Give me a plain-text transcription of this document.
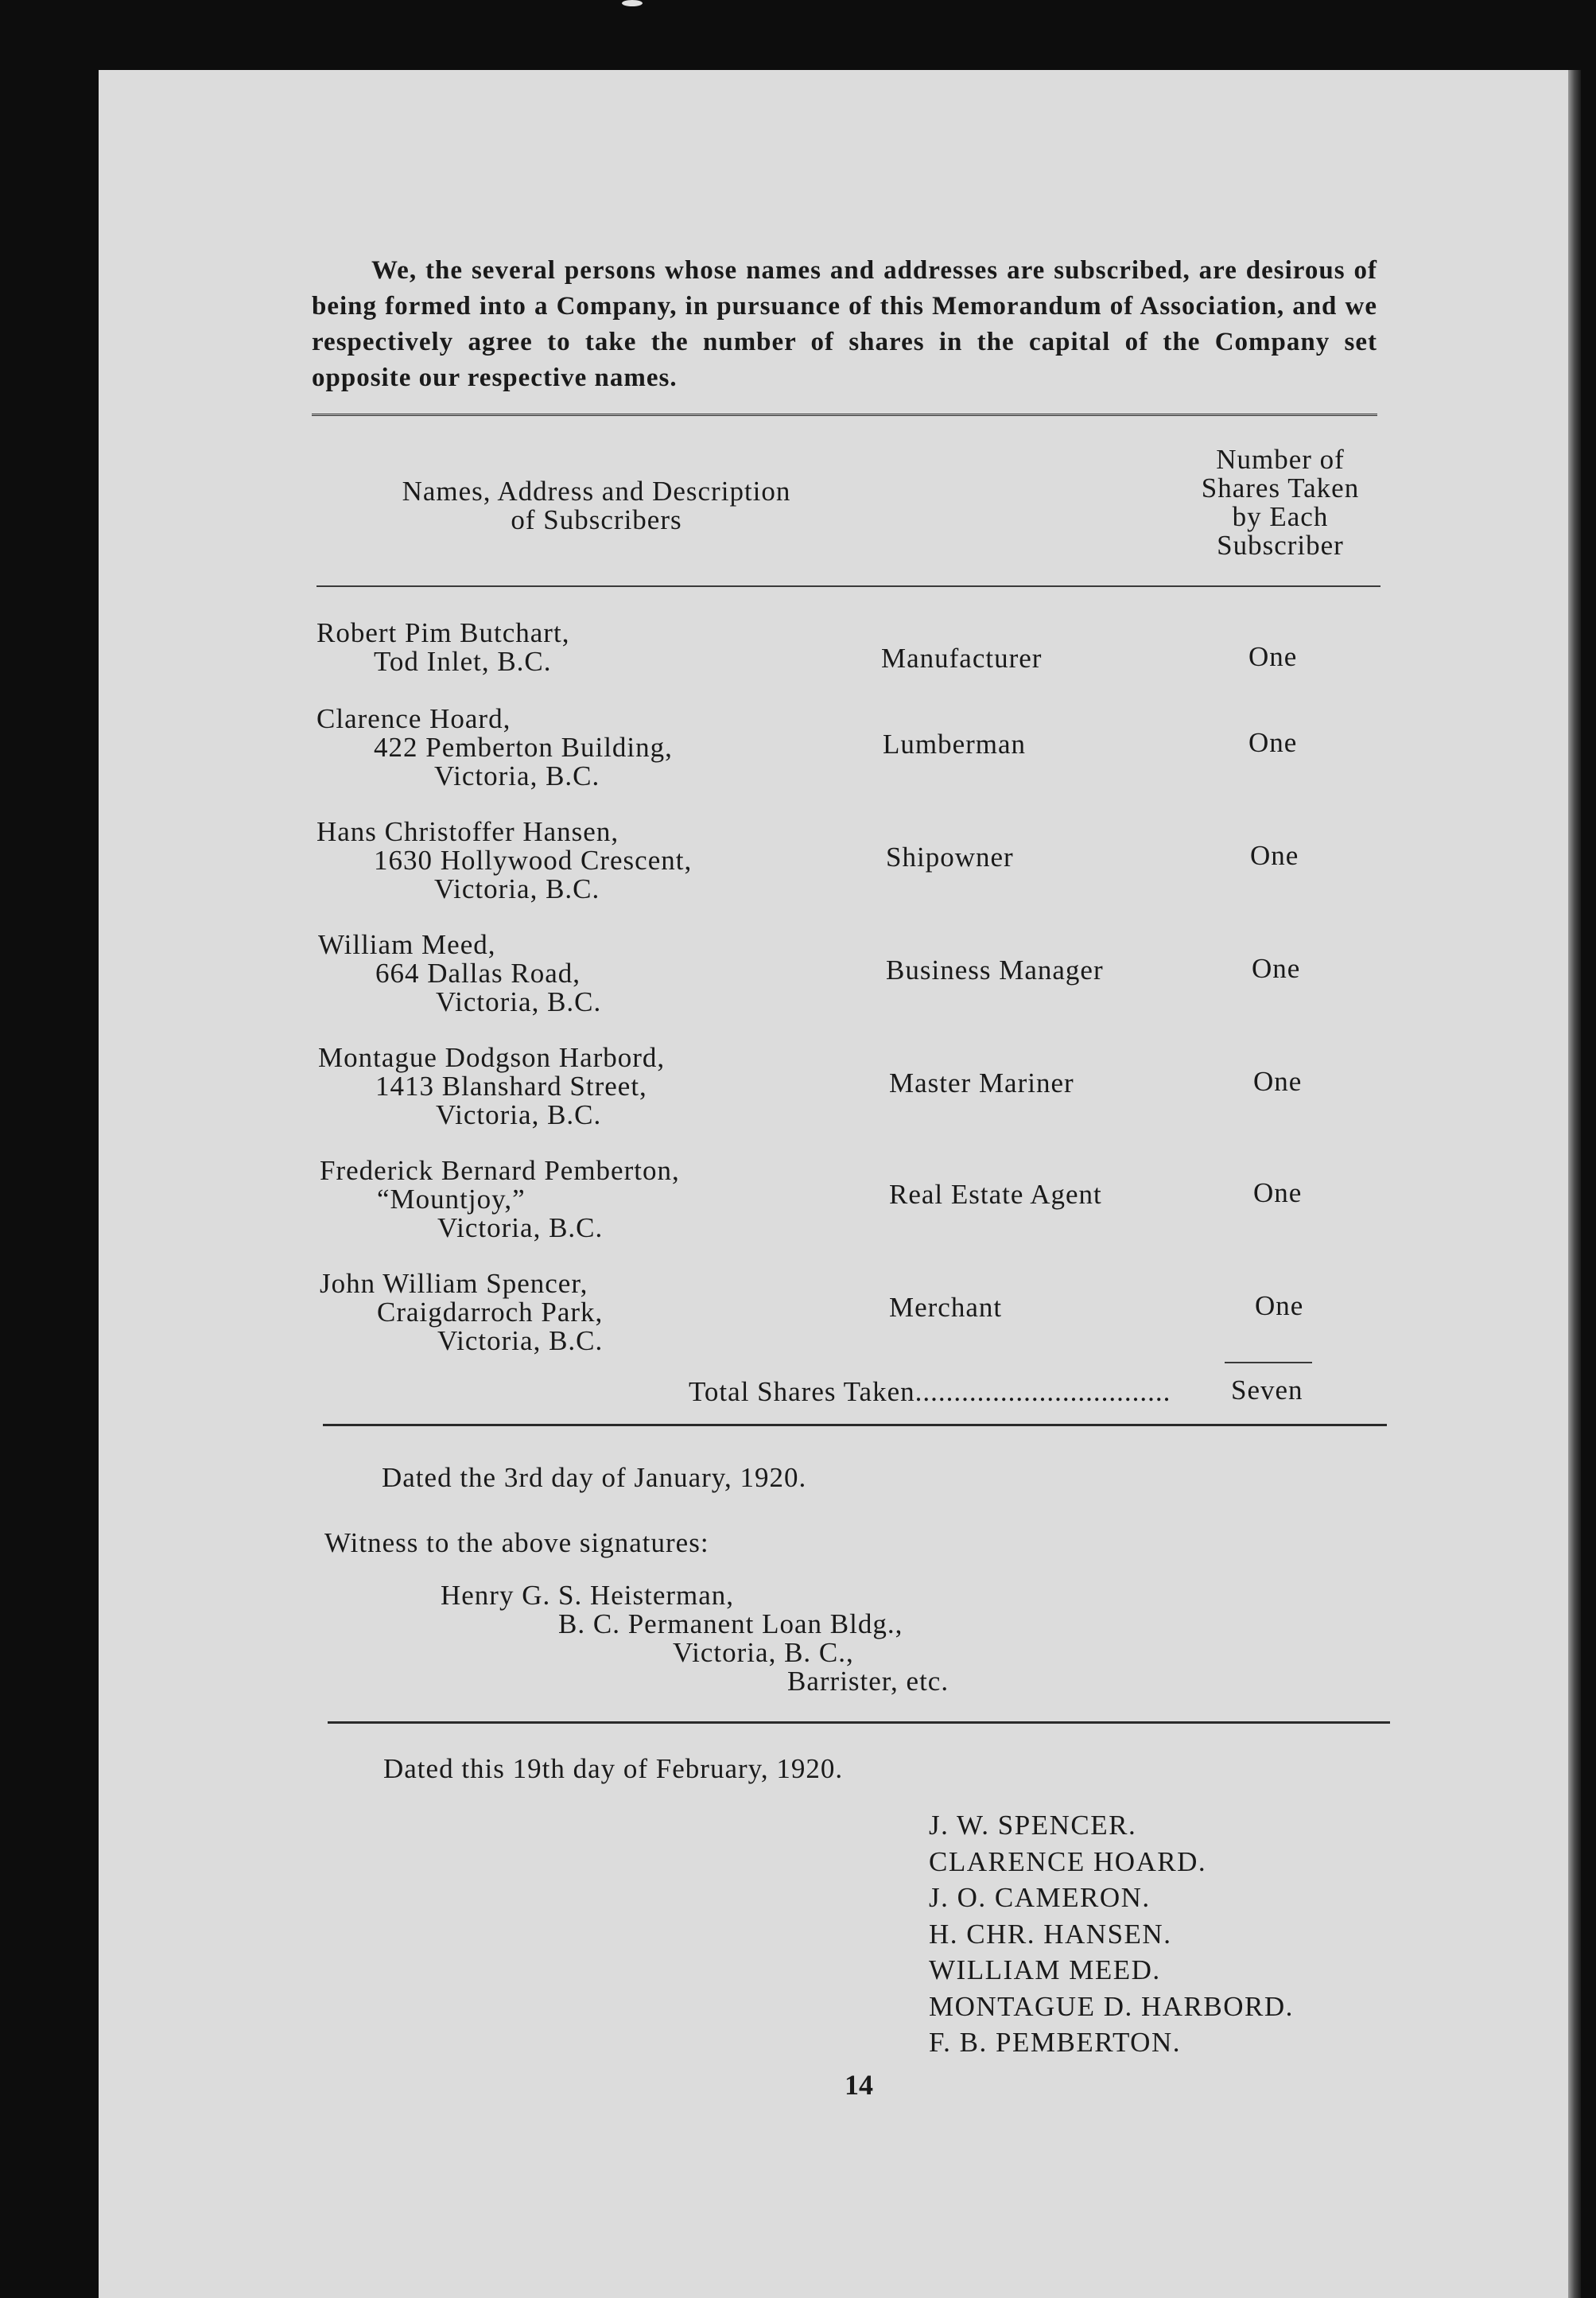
We, the several persons whose names and addresses are subscribed, are desirous of being formed into a Company, in pursuance of this Memorandum of Association, and we respectively agree to take the number of shares in the capital of the Company set opposite our respective names.

Names, Address and Description
of Subscribers
Number of
Shares Taken
by Each
Subscriber
Robert Pim Butchart,
Tod Inlet, B.C.	Manufacturer	One
Clarence Hoard,
422 Pemberton Building,
Victoria, B.C.
Lumberman	One
Hans Christoffer Hansen,
1630 Hollywood Crescent,
Victoria, B.C.
Shipowner	One
William Meed,
664 Dallas Road,
Victoria, B.C.
Business Manager	One
Montague Dodgson Harbord,
1413 Blanshard Street,
Victoria, B.C.
Master Mariner	One
Frederick Bernard Pemberton,
“Mountjoy,”
Victoria, B.C.
Real Estate Agent	One
John William Spencer,
Craigdarroch Park,
Victoria, B.C.
Merchant	One
Total Shares Taken................................. Seven
Dated the 3rd day of January, 1920.
Witness to the above signatures:
Henry G. S. Heisterman,
B. C. Permanent Loan Bldg.,
Victoria, B. C.,
Barrister, etc.
Dated this 19th day of February, 1920.
J. W. SPENCER.
CLARENCE HOARD.
J. O. CAMERON.
H. CHR. HANSEN.
WILLIAM MEED.
MONTAGUE D. HARBORD.
F. B. PEMBERTON.
14
